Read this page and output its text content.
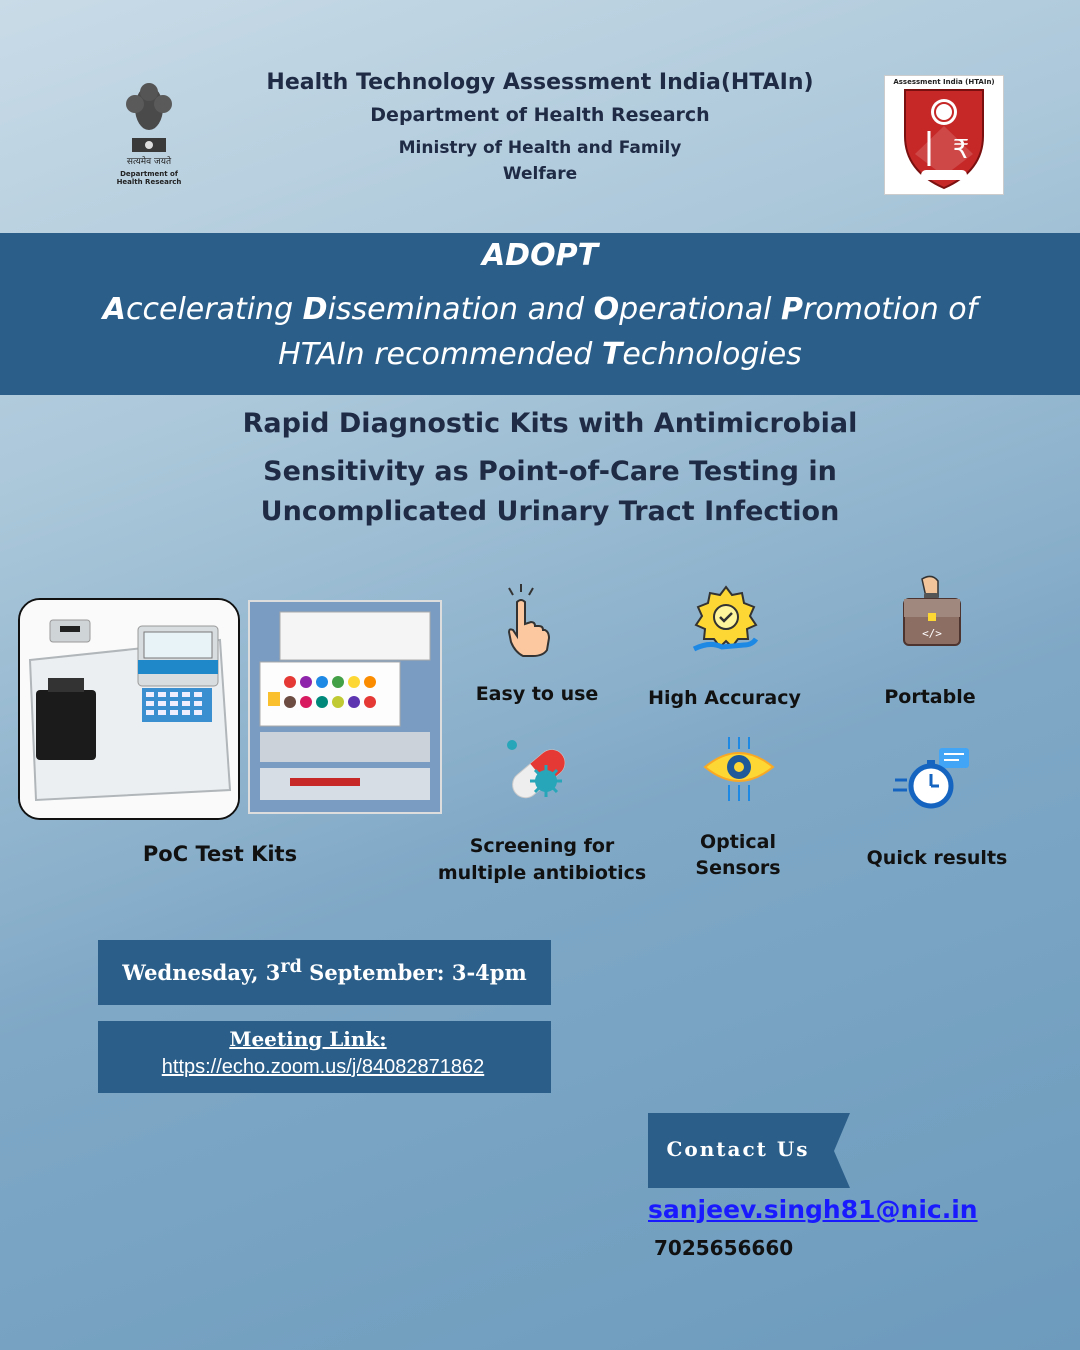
सत्यमेव जयते
Department of
Health Research
Health Technology Assessment India(HTAIn)
Department of Health Research
Ministry of Health and Family
Welfare
Assessment India (HTAIn)
₹
ADOPT
Accelerating Dissemination and Operational Promotion of
HTAIn recommended Technologies
Rapid Diagnostic Kits with Antimicrobial
Sensitivity as Point-of-Care Testing in
Uncomplicated Urinary Tract Infection
PoC Test Kits
Easy to use	High Accuracy
</>
Portable
Screening for
multiple antibiotics
Optical
Sensors	Quick results
Wednesday, 3rd September: 3-4pm
Meeting Link:
https://echo.zoom.us/j/84082871862
Contact Us
sanjeev.singh81@nic.in
7025656660
